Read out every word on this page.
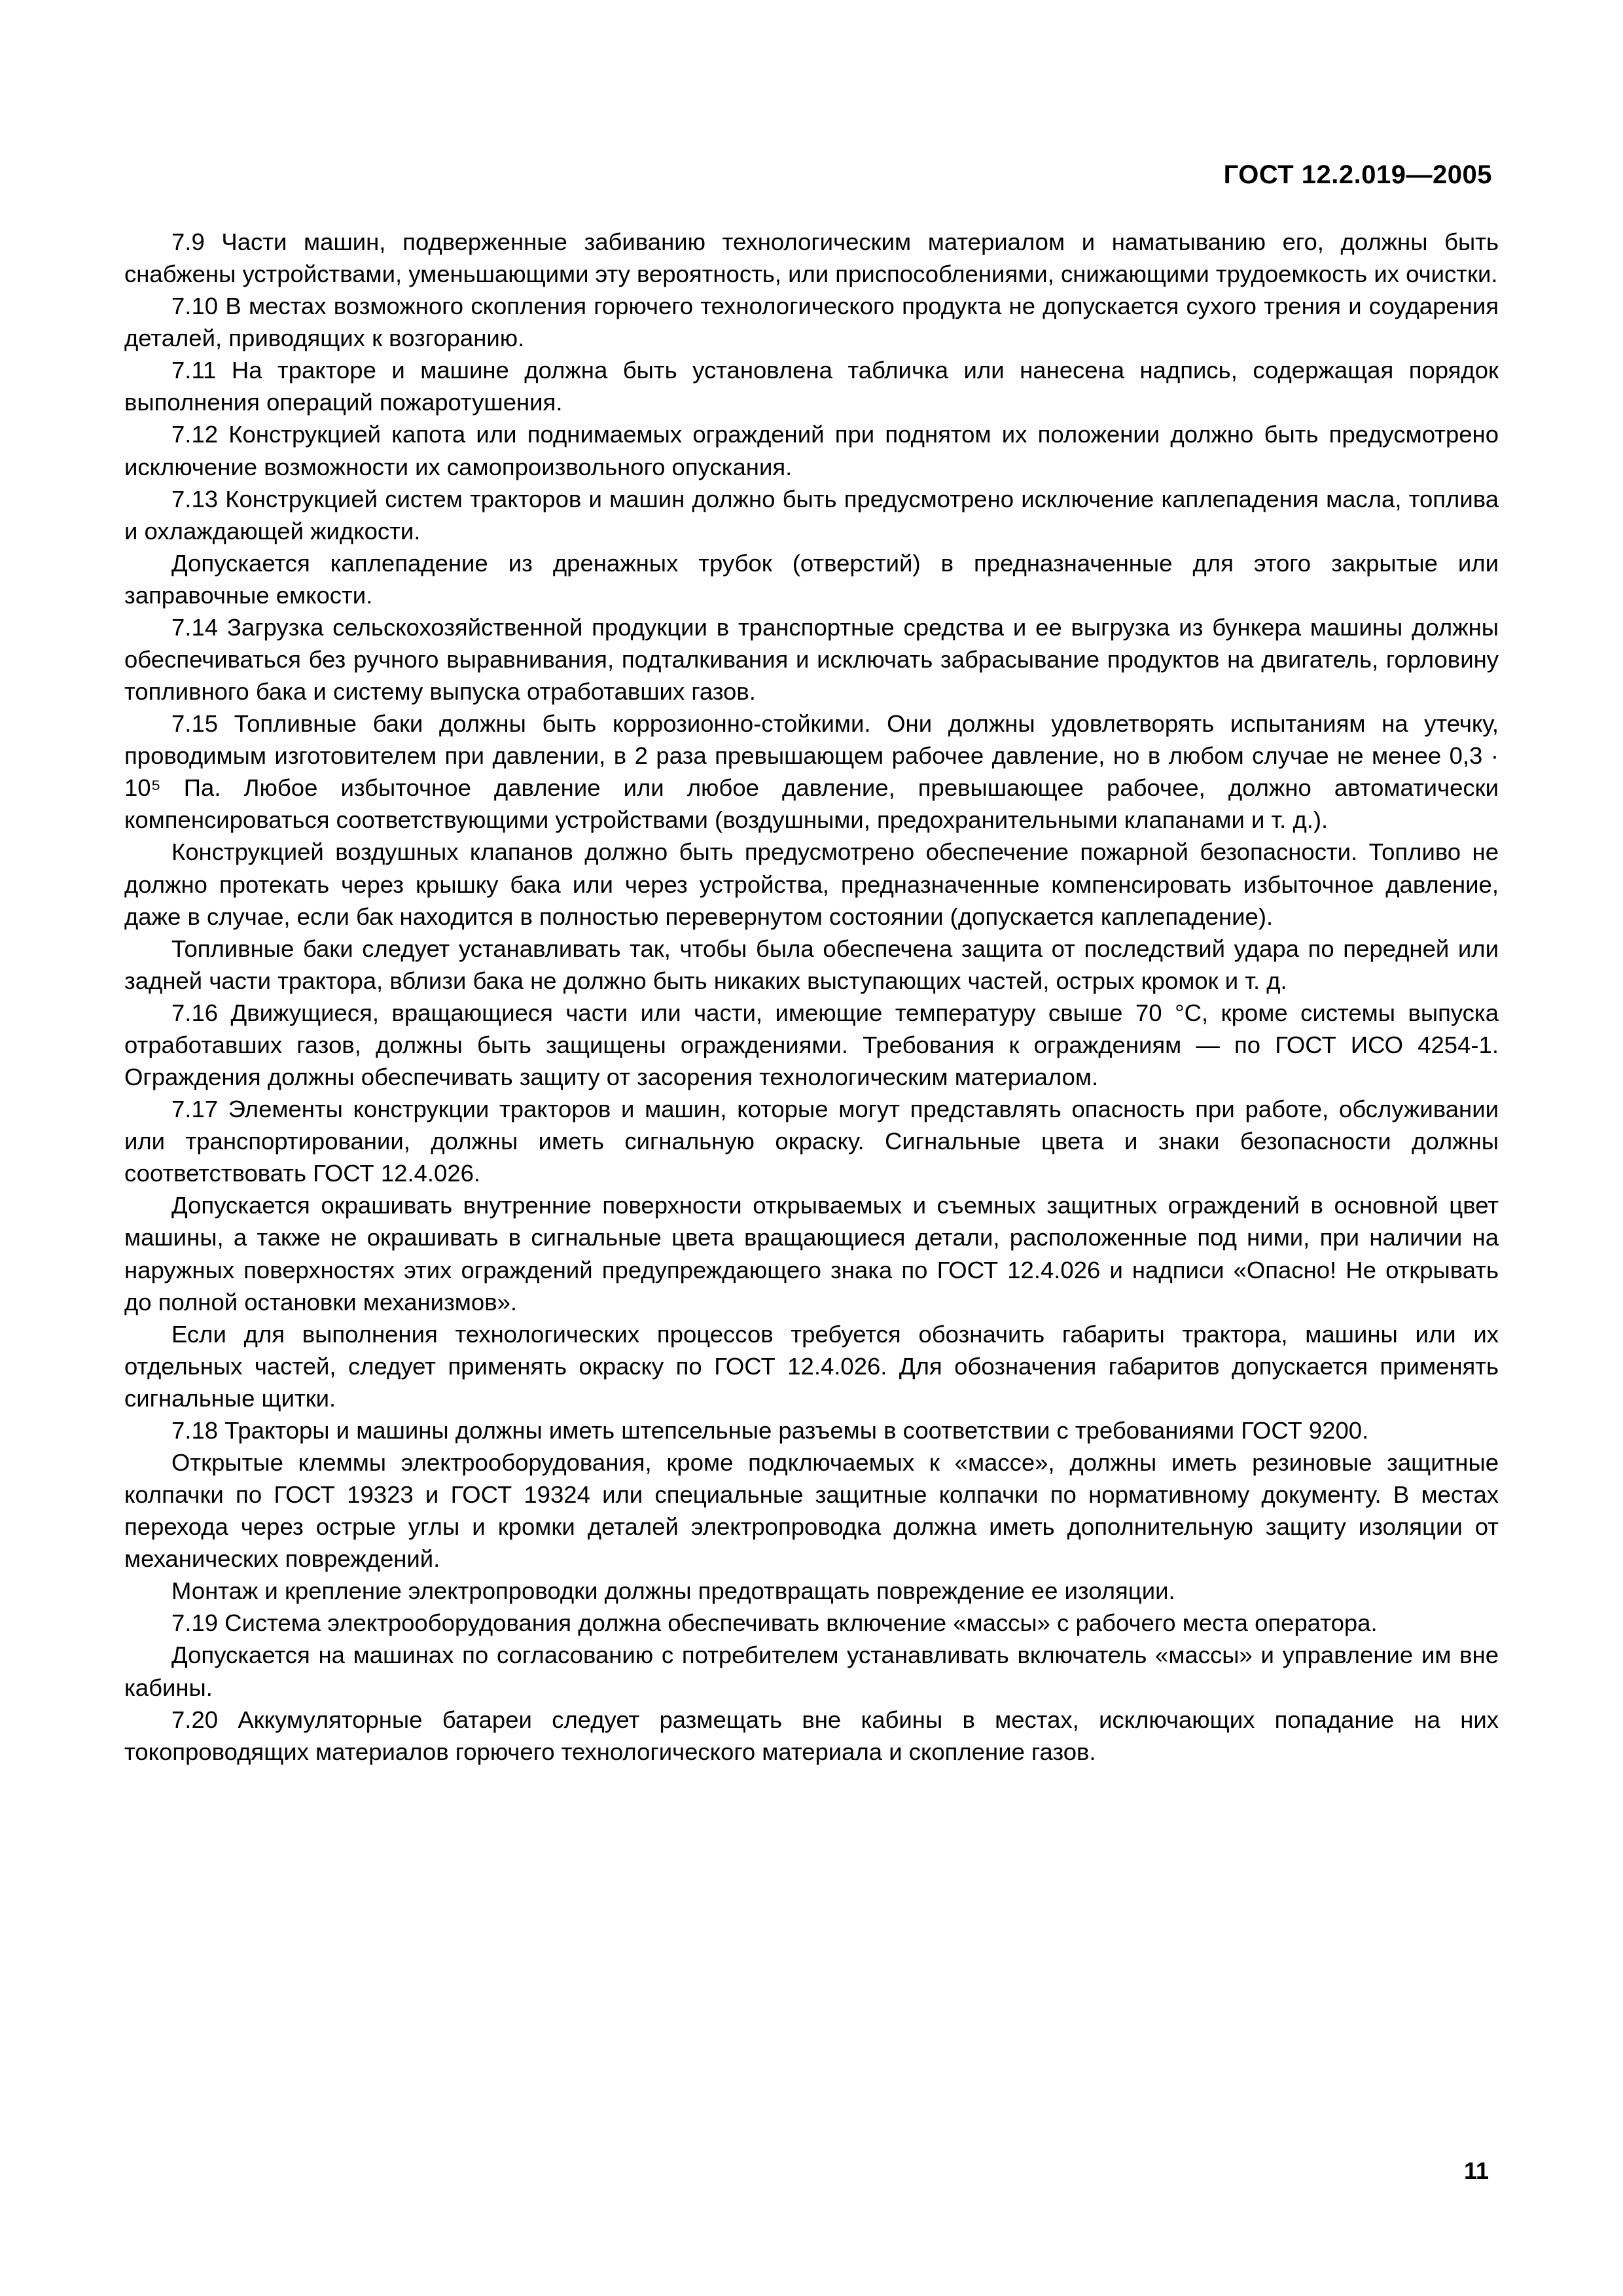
ГОСТ 12.2.019—2005

7.9 Части машин, подверженные забиванию технологическим материалом и наматыванию его, должны быть снабжены устройствами, уменьшающими эту вероятность, или приспособлениями, снижающими трудоемкость их очистки.

7.10 В местах возможного скопления горючего технологического продукта не допускается сухого трения и соударения деталей, приводящих к возгоранию.

7.11 На тракторе и машине должна быть установлена табличка или нанесена надпись, содержащая порядок выполнения операций пожаротушения.

7.12 Конструкцией капота или поднимаемых ограждений при поднятом их положении должно быть предусмотрено исключение возможности их самопроизвольного опускания.

7.13 Конструкцией систем тракторов и машин должно быть предусмотрено исключение каплепадения масла, топлива и охлаждающей жидкости.

Допускается каплепадение из дренажных трубок (отверстий) в предназначенные для этого закрытые или заправочные емкости.

7.14 Загрузка сельскохозяйственной продукции в транспортные средства и ее выгрузка из бункера машины должны обеспечиваться без ручного выравнивания, подталкивания и исключать забрасывание продуктов на двигатель, горловину топливного бака и систему выпуска отработавших газов.

7.15 Топливные баки должны быть коррозионно-стойкими. Они должны удовлетворять испытаниям на утечку, проводимым изготовителем при давлении, в 2 раза превышающем рабочее давление, но в любом случае не менее 0,3 · 10⁵ Па. Любое избыточное давление или любое давление, превышающее рабочее, должно автоматически компенсироваться соответствующими устройствами (воздушными, предохранительными клапанами и т. д.).

Конструкцией воздушных клапанов должно быть предусмотрено обеспечение пожарной безопасности. Топливо не должно протекать через крышку бака или через устройства, предназначенные компенсировать избыточное давление, даже в случае, если бак находится в полностью перевернутом состоянии (допускается каплепадение).

Топливные баки следует устанавливать так, чтобы была обеспечена защита от последствий удара по передней или задней части трактора, вблизи бака не должно быть никаких выступающих частей, острых кромок и т. д.

7.16 Движущиеся, вращающиеся части или части, имеющие температуру свыше 70 °С, кроме системы выпуска отработавших газов, должны быть защищены ограждениями. Требования к ограждениям — по ГОСТ ИСО 4254-1. Ограждения должны обеспечивать защиту от засорения технологическим материалом.

7.17 Элементы конструкции тракторов и машин, которые могут представлять опасность при работе, обслуживании или транспортировании, должны иметь сигнальную окраску. Сигнальные цвета и знаки безопасности должны соответствовать ГОСТ 12.4.026.

Допускается окрашивать внутренние поверхности открываемых и съемных защитных ограждений в основной цвет машины, а также не окрашивать в сигнальные цвета вращающиеся детали, расположенные под ними, при наличии на наружных поверхностях этих ограждений предупреждающего знака по ГОСТ 12.4.026 и надписи «Опасно! Не открывать до полной остановки механизмов».

Если для выполнения технологических процессов требуется обозначить габариты трактора, машины или их отдельных частей, следует применять окраску по ГОСТ 12.4.026. Для обозначения габаритов допускается применять сигнальные щитки.

7.18 Тракторы и машины должны иметь штепсельные разъемы в соответствии с требованиями ГОСТ 9200.

Открытые клеммы электрооборудования, кроме подключаемых к «массе», должны иметь резиновые защитные колпачки по ГОСТ 19323 и ГОСТ 19324 или специальные защитные колпачки по нормативному документу. В местах перехода через острые углы и кромки деталей электропроводка должна иметь дополнительную защиту изоляции от механических повреждений.

Монтаж и крепление электропроводки должны предотвращать повреждение ее изоляции.

7.19 Система электрооборудования должна обеспечивать включение «массы» с рабочего места оператора.

Допускается на машинах по согласованию с потребителем устанавливать включатель «массы» и управление им вне кабины.

7.20 Аккумуляторные батареи следует размещать вне кабины в местах, исключающих попадание на них токопроводящих материалов горючего технологического материала и скопление газов.

11
